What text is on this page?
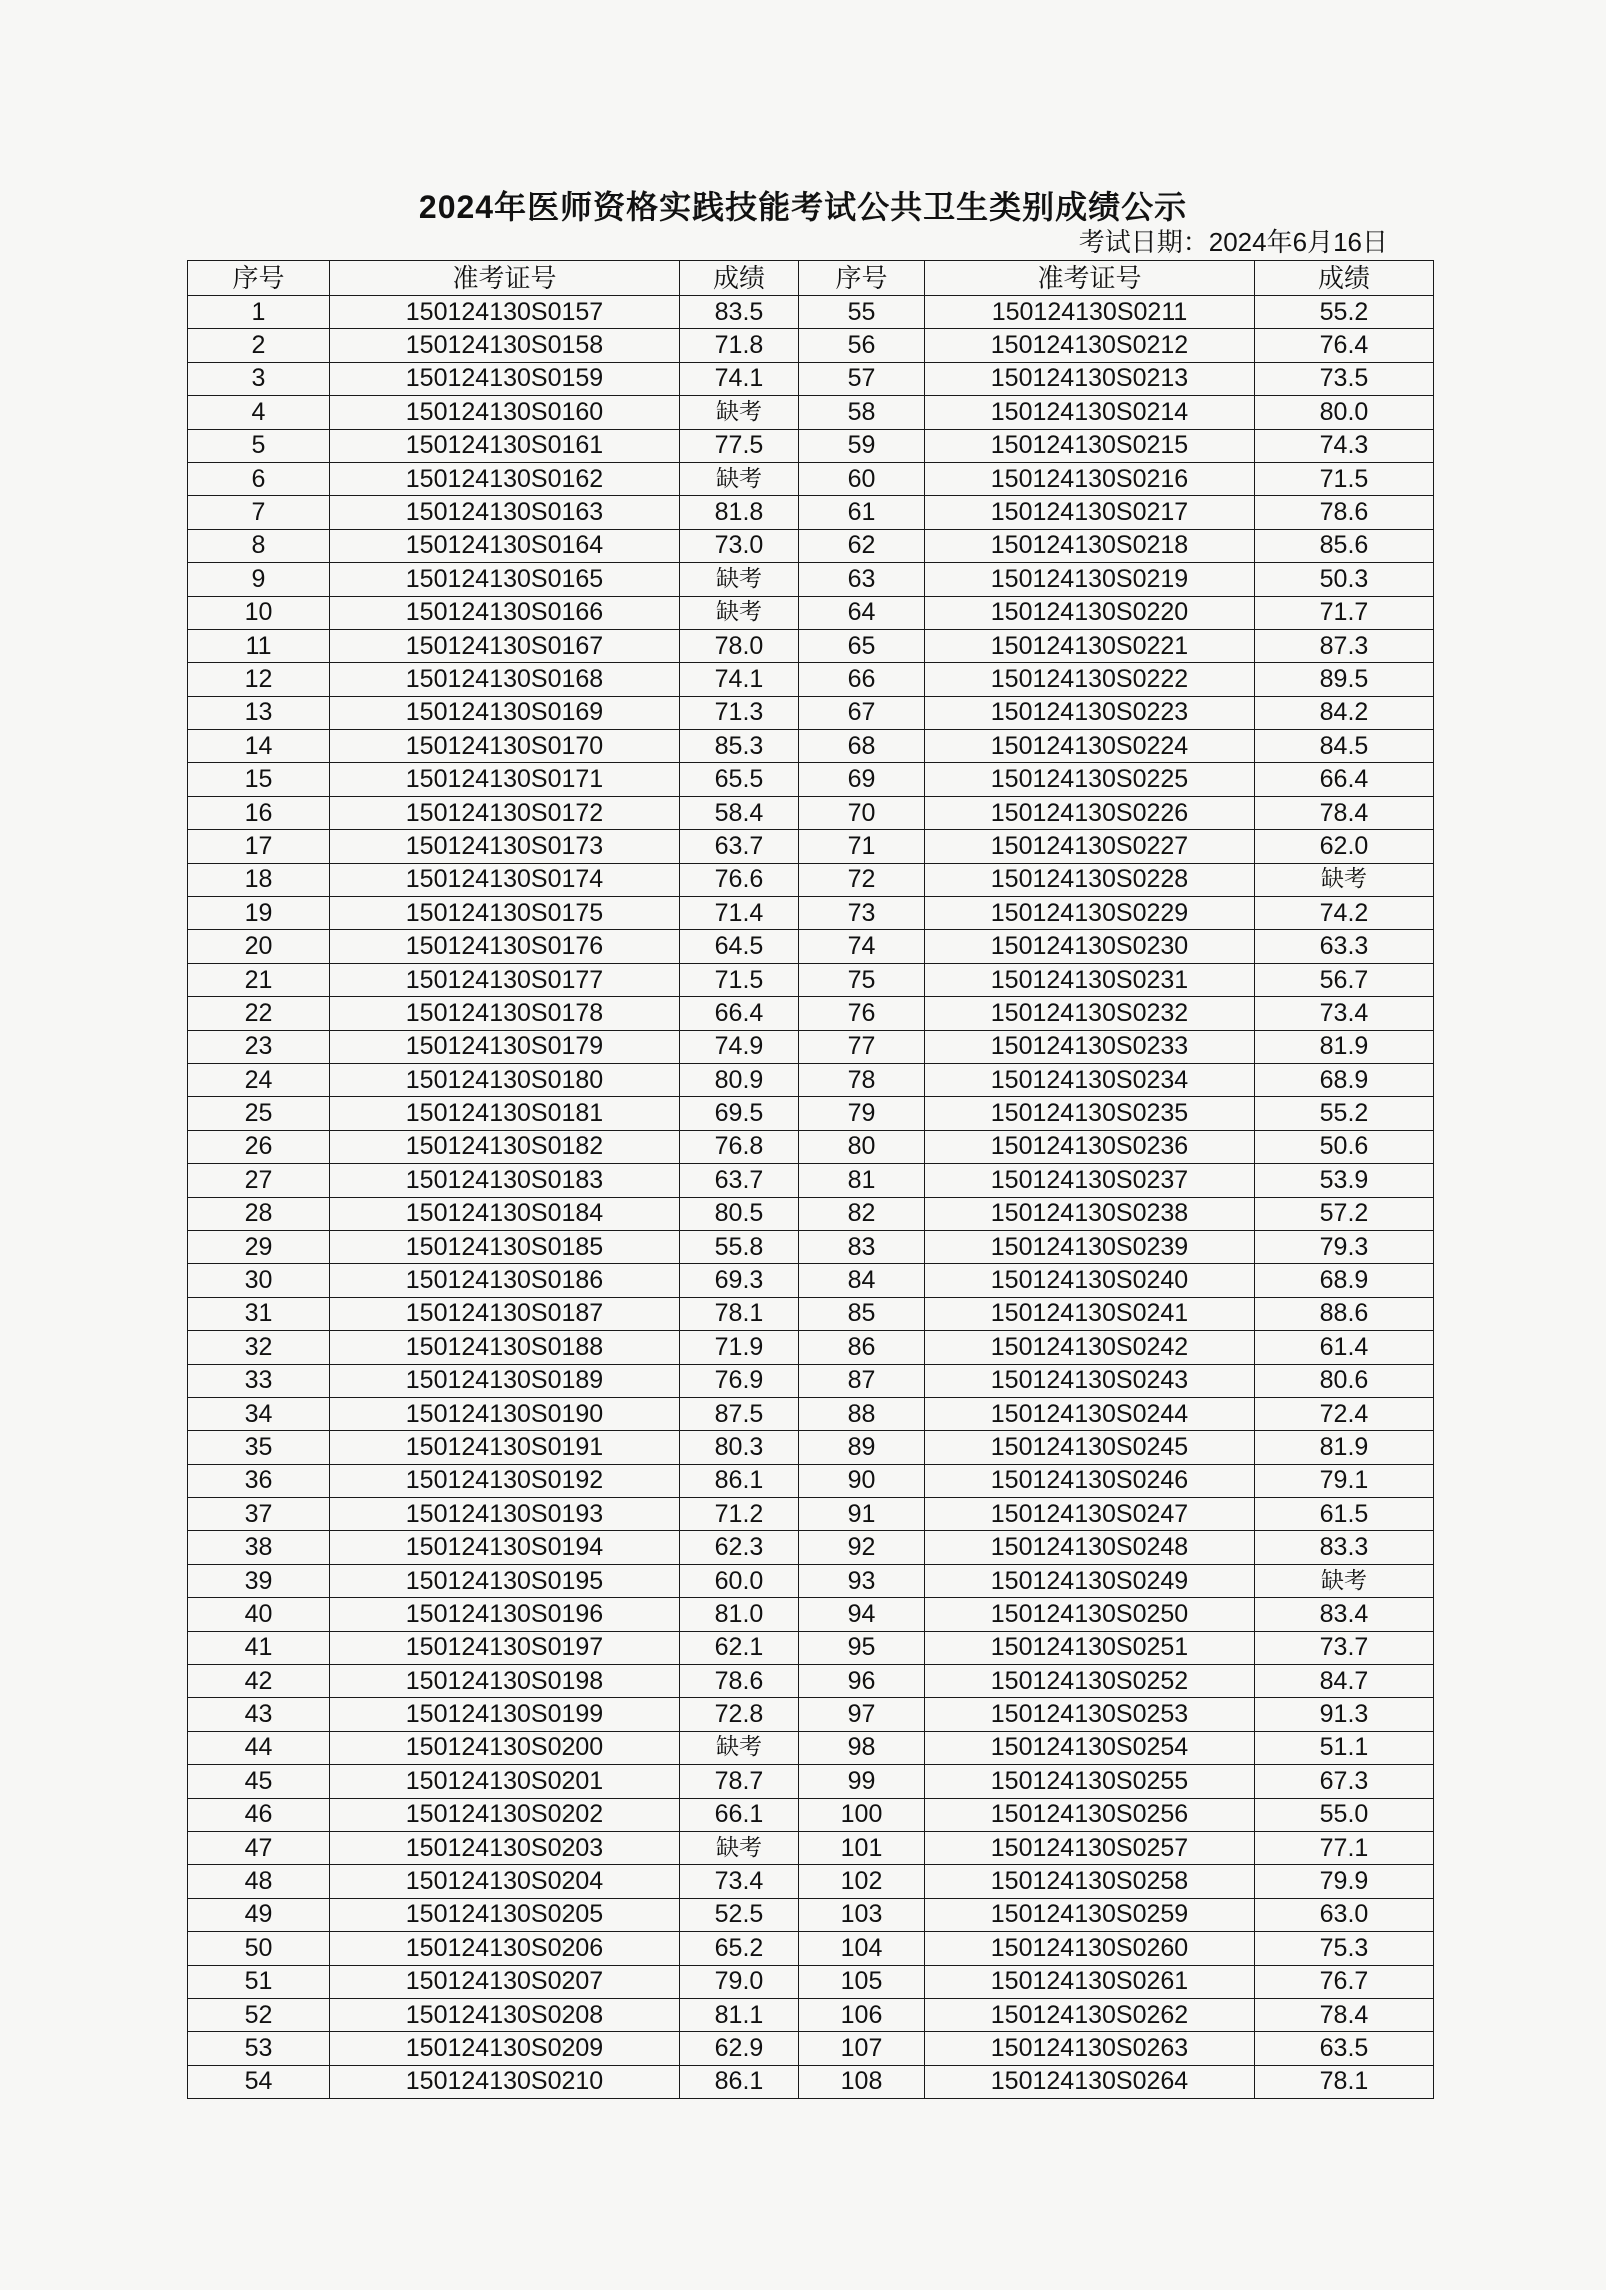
2024年医师资格实践技能考试公共卫生类别成绩公示
考试日期：2024年6月16日
序号	准考证号	成绩	序号	准考证号	成绩
1	150124130S0157	83.5	55	150124130S0211	55.2
2	150124130S0158	71.8	56	150124130S0212	76.4
3	150124130S0159	74.1	57	150124130S0213	73.5
4	150124130S0160	缺考	58	150124130S0214	80.0
5	150124130S0161	77.5	59	150124130S0215	74.3
6	150124130S0162	缺考	60	150124130S0216	71.5
7	150124130S0163	81.8	61	150124130S0217	78.6
8	150124130S0164	73.0	62	150124130S0218	85.6
9	150124130S0165	缺考	63	150124130S0219	50.3
10	150124130S0166	缺考	64	150124130S0220	71.7
11	150124130S0167	78.0	65	150124130S0221	87.3
12	150124130S0168	74.1	66	150124130S0222	89.5
13	150124130S0169	71.3	67	150124130S0223	84.2
14	150124130S0170	85.3	68	150124130S0224	84.5
15	150124130S0171	65.5	69	150124130S0225	66.4
16	150124130S0172	58.4	70	150124130S0226	78.4
17	150124130S0173	63.7	71	150124130S0227	62.0
18	150124130S0174	76.6	72	150124130S0228	缺考
19	150124130S0175	71.4	73	150124130S0229	74.2
20	150124130S0176	64.5	74	150124130S0230	63.3
21	150124130S0177	71.5	75	150124130S0231	56.7
22	150124130S0178	66.4	76	150124130S0232	73.4
23	150124130S0179	74.9	77	150124130S0233	81.9
24	150124130S0180	80.9	78	150124130S0234	68.9
25	150124130S0181	69.5	79	150124130S0235	55.2
26	150124130S0182	76.8	80	150124130S0236	50.6
27	150124130S0183	63.7	81	150124130S0237	53.9
28	150124130S0184	80.5	82	150124130S0238	57.2
29	150124130S0185	55.8	83	150124130S0239	79.3
30	150124130S0186	69.3	84	150124130S0240	68.9
31	150124130S0187	78.1	85	150124130S0241	88.6
32	150124130S0188	71.9	86	150124130S0242	61.4
33	150124130S0189	76.9	87	150124130S0243	80.6
34	150124130S0190	87.5	88	150124130S0244	72.4
35	150124130S0191	80.3	89	150124130S0245	81.9
36	150124130S0192	86.1	90	150124130S0246	79.1
37	150124130S0193	71.2	91	150124130S0247	61.5
38	150124130S0194	62.3	92	150124130S0248	83.3
39	150124130S0195	60.0	93	150124130S0249	缺考
40	150124130S0196	81.0	94	150124130S0250	83.4
41	150124130S0197	62.1	95	150124130S0251	73.7
42	150124130S0198	78.6	96	150124130S0252	84.7
43	150124130S0199	72.8	97	150124130S0253	91.3
44	150124130S0200	缺考	98	150124130S0254	51.1
45	150124130S0201	78.7	99	150124130S0255	67.3
46	150124130S0202	66.1	100	150124130S0256	55.0
47	150124130S0203	缺考	101	150124130S0257	77.1
48	150124130S0204	73.4	102	150124130S0258	79.9
49	150124130S0205	52.5	103	150124130S0259	63.0
50	150124130S0206	65.2	104	150124130S0260	75.3
51	150124130S0207	79.0	105	150124130S0261	76.7
52	150124130S0208	81.1	106	150124130S0262	78.4
53	150124130S0209	62.9	107	150124130S0263	63.5
54	150124130S0210	86.1	108	150124130S0264	78.1
